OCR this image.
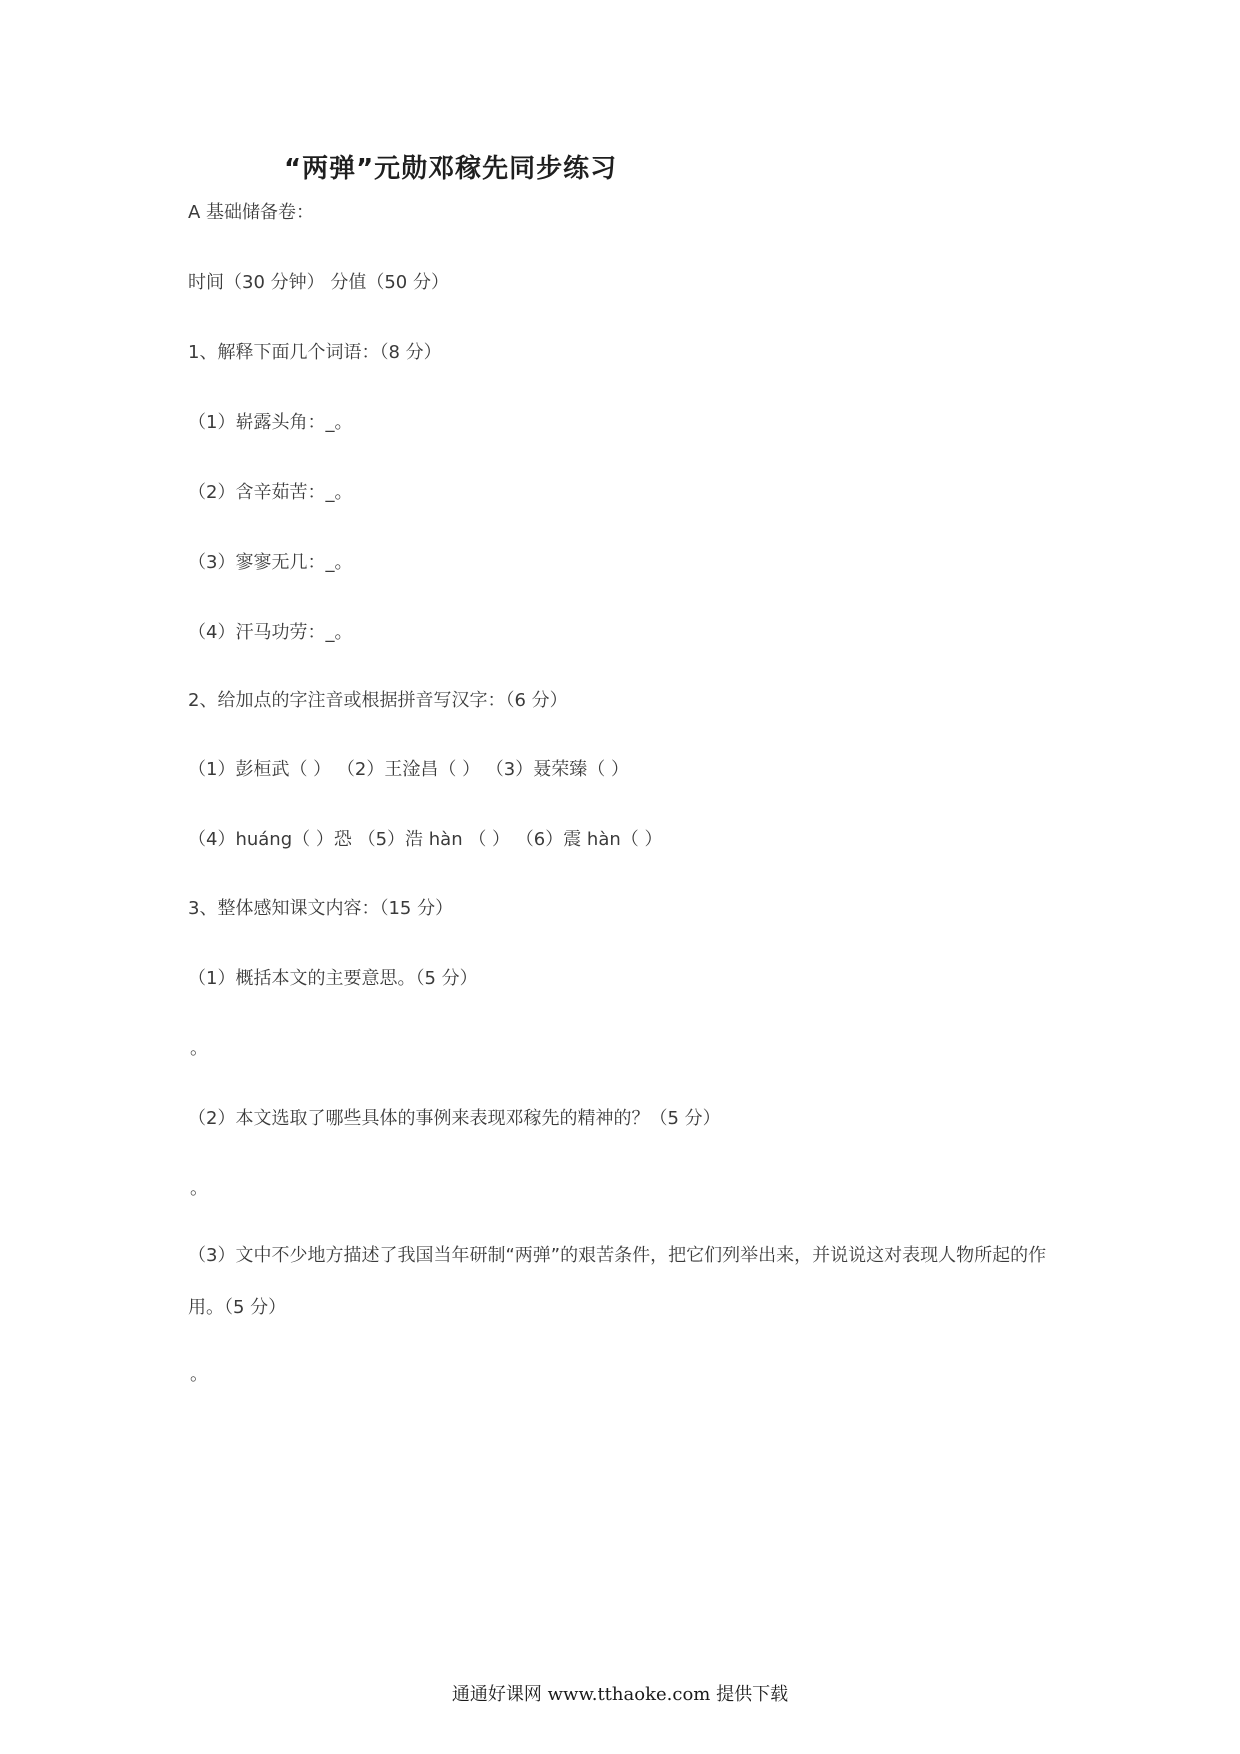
“两弹”元勋邓稼先同步练习
A 基础储备卷：
时间（30 分钟） 分值（50 分）
1、解释下面几个词语：（8 分）
（1）崭露头角：_。
（2）含辛茹苦：_。
（3）寥寥无几：_。
（4）汗马功劳：_。
2、给加点的字注音或根据拼音写汉字：（6 分）
（1）彭桓武（ ） （2）王淦昌（ ） （3）聂荣臻（ ）
（4）huáng（ ）恐 （5）浩 hàn （ ） （6）震 hàn（ ）
3、整体感知课文内容：（15 分）
（1）概括本文的主要意思。（5 分）
。
（2）本文选取了哪些具体的事例来表现邓稼先的精神的？（5 分）
。
（3）文中不少地方描述了我国当年研制“两弹”的艰苦条件，把它们列举出来，并说说这对表现人物所起的作用。（5 分）
。
通通好课网 www.tthaoke.com 提供下载
